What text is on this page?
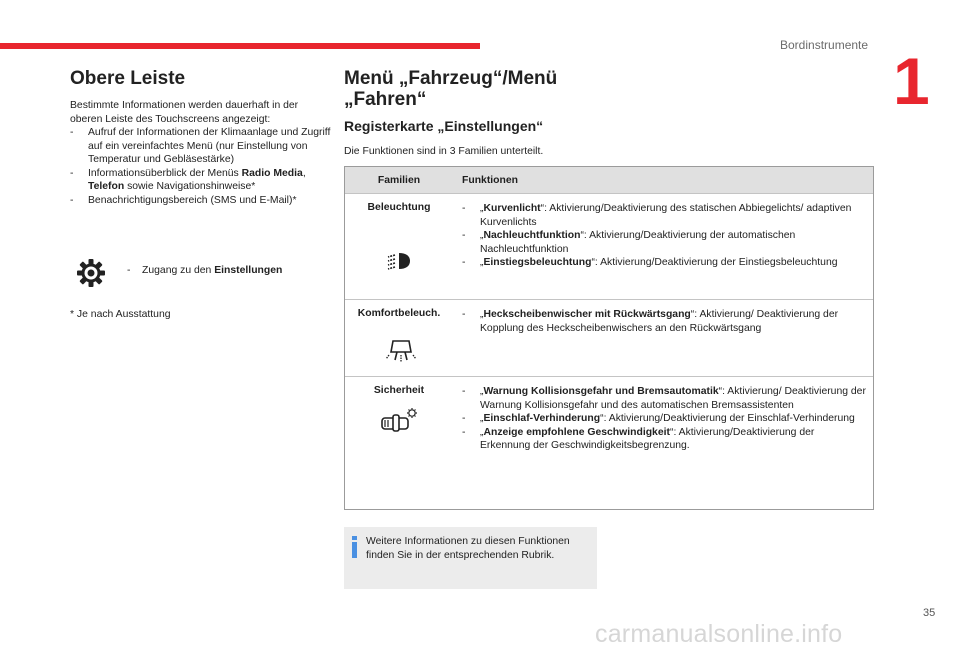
Bordinstrumente 1
Obere Leiste
Bestimmte Informationen werden dauerhaft in der oberen Leiste des Touchscreens angezeigt:
- Aufruf der Informationen der Klimaanlage und Zugriff auf ein vereinfachtes Menü (nur Einstellung von Temperatur und Gebläsestärke)
- Informationsüberblick der Menüs Radio Media, Telefon sowie Navigationshinweise*
- Benachrichtigungsbereich (SMS und E-Mail)*
-    Zugang zu den Einstellungen
* Je nach Ausstattung
Menü „Fahrzeug“/Menü „Fahren“
Registerkarte „Einstellungen“
Die Funktionen sind in 3 Familien unterteilt.
Familien	Funktionen
Beleuchtung	- „Kurvenlicht“: Aktivierung/Deaktivierung des statischen Abbiegelichts/ adaptiven Kurvenlichts
- „Nachleuchtfunktion“: Aktivierung/Deaktivierung der automatischen Nachleuchtfunktion
- „Einstiegsbeleuchtung“: Aktivierung/Deaktivierung der Einstiegsbeleuchtung
Komfortbeleuch.	- „Heckscheibenwischer mit Rückwärtsgang“: Aktivierung/ Deaktivierung der Kopplung des Heckscheibenwischers an den Rückwärtsgang
Sicherheit	- „Warnung Kollisionsgefahr und Bremsautomatik“: Aktivierung/ Deaktivierung der Warnung Kollisionsgefahr und des automatischen Bremsassistenten
- „Einschlaf-Verhinderung“: Aktivierung/Deaktivierung der Einschlaf-Verhinderung
- „Anzeige empfohlene Geschwindigkeit“: Aktivierung/Deaktivierung der Erkennung der Geschwindigkeitsbegrenzung.
Weitere Informationen zu diesen Funktionen finden Sie in der entsprechenden Rubrik.
35
carmanualsonline.info
